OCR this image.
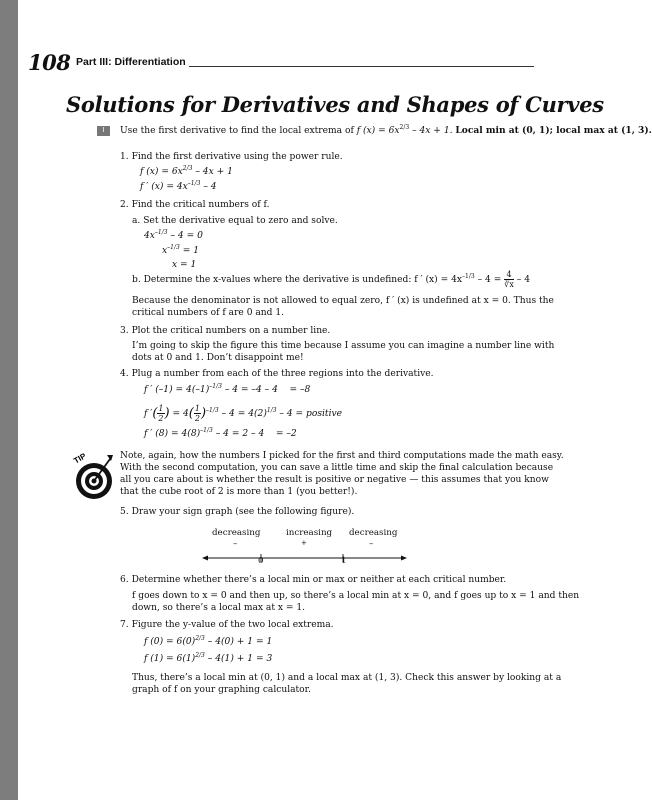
108 Part III: Differentiation
Solutions for Derivatives and Shapes of Curves
I	Use the first derivative to find the local extrema of f $(x) = 6x^{2/3} - 4x + 1$. Local min at (0, 1); local max at (1, 3).
1. Find the first derivative using the power rule.
f $(x) = 6x^{2/3} - 4x + 1$
f ′ $(x) = 4x^{-1/3} - 4$
2. Find the critical numbers of f.
a. Set the derivative equal to zero and solve.
$4x^{-1/3} - 4 = 0$
$x^{-1/3} = 1$
x = 1
b. Determine the x-values where the derivative is undefined: f ′ $(x) = 4x^{-1/3} - 4 = \frac{4}{∛x} - 4$
Because the denominator is not allowed to equal zero, f ′ (x) is undefined at x = 0. Thus the
critical numbers of f are 0 and 1.
3. Plot the critical numbers on a number line.
I’m going to skip the figure this time because I assume you can imagine a number line with
dots at 0 and 1. Don’t disappoint me!
4. Plug a number from each of the three regions into the derivative.
f ′ $(-1) = 4(-1)^{-1/3} - 4 = -4 - 4 = -8$
f ′( $\frac{1}{2}$ ) = $4( \frac{1}{2} )^{-1/3} - 4 = 4(2)^{1/3} - 4$ = positive
f ′ $(8) = 4(8)^{-1/3} - 4 = 2 - 4 = -2$
TIP	Note, again, how the numbers I picked for the first and third computations made the math easy.
With the second computation, you can save a little time and skip the final calculation because
all you care about is whether the result is positive or negative — this assumes that you know
that the cube root of 2 is more than 1 (you better!).
5. Draw your sign graph (see the following figure).
decreasing	increasing decreasing
–	+	–
0	1
6. Determine whether there’s a local min or max or neither at each critical number.
f goes down to x = 0 and then up, so there’s a local min at x = 0, and f goes up to x = 1 and then
down, so there’s a local max at x = 1.
7. Figure the y-value of the two local extrema.
f $(0) = 6(0)^{2/3} - 4(0) + 1 = 1$
f $(1) = 6(1)^{2/3} - 4(1) + 1 = 3$
Thus, there’s a local min at (0, 1) and a local max at (1, 3). Check this answer by looking at a
graph of f on your graphing calculator.
